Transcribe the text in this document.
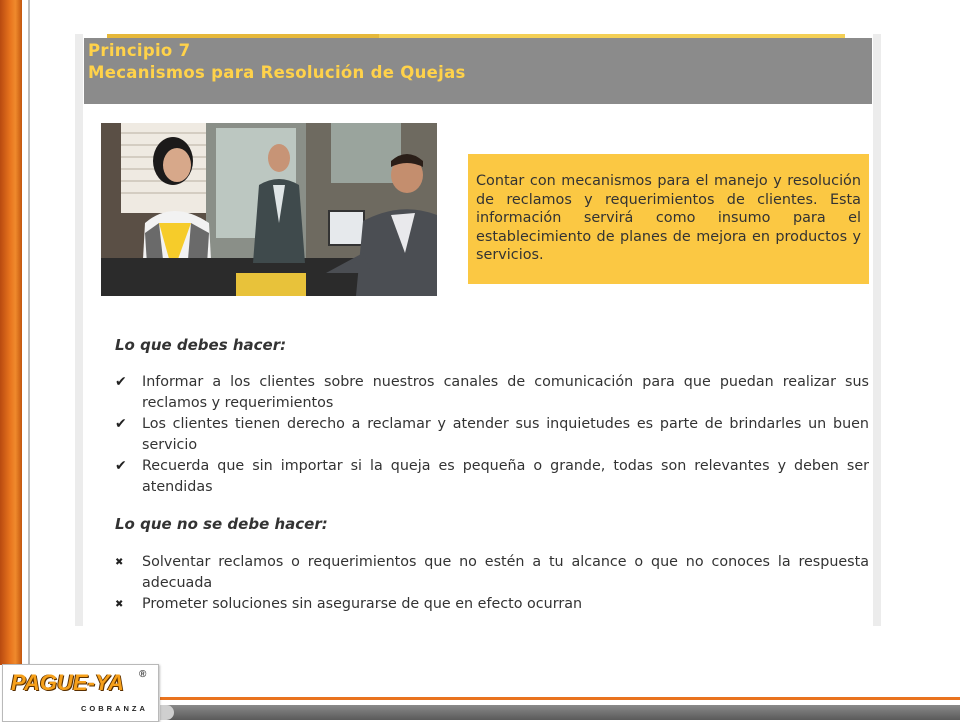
Principio 7
Mecanismos para Resolución de Quejas

Contar con mecanismos para el manejo y resolución de reclamos y requerimientos de clientes. Esta información servirá como insumo para el establecimiento de planes de mejora en productos y servicios.

Lo que debes hacer:
✔	Informar a los clientes sobre nuestros canales de comunicación para que puedan realizar sus reclamos y requerimientos
✔	Los clientes tienen derecho a reclamar y atender sus inquietudes es parte de brindarles un buen servicio
✔	Recuerda que sin importar si la queja es pequeña o grande, todas son relevantes y deben ser atendidas
Lo que no se debe hacer:
✖	Solventar reclamos o requerimientos que no estén a tu alcance o que no conoces la respuesta adecuada
✖	Prometer soluciones sin asegurarse de que en efecto ocurran
PAGUE-YA ®
COBRANZA
